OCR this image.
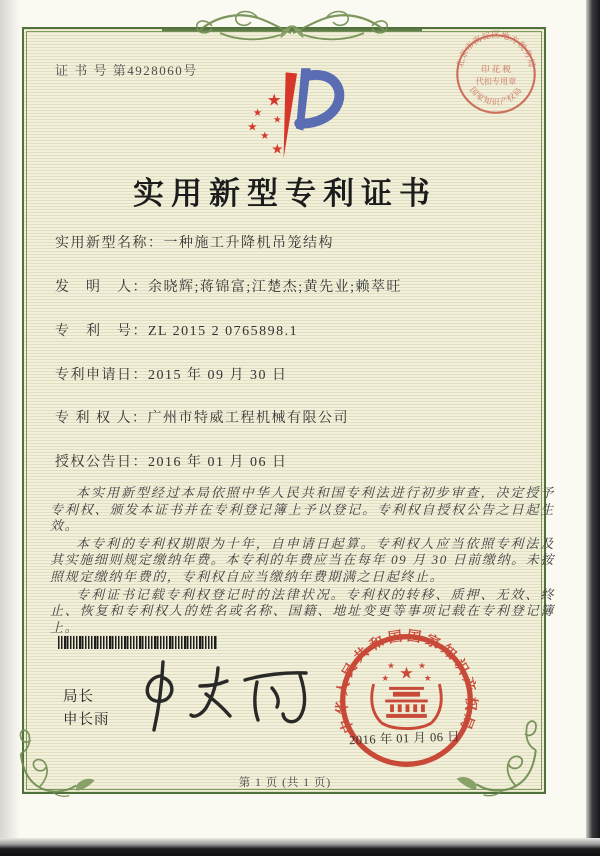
证 书 号 第4928060号
★
★
★
★
★
★
北京市海淀区地方税务局
国家知识产权局
印 花 税
代扣专用章
实用新型专利证书
实用新型名称：一种施工升降机吊笼结构
发　明　人：余晓辉;蒋锦富;江楚杰;黄先业;赖萃旺
专　利　号：ZL 2015 2 0765898.1
专利申请日：2015 年 09 月 30 日
专 利 权 人：广州市特威工程机械有限公司
授权公告日：2016 年 01 月 06 日

本实用新型经过本局依照中华人民共和国专利法进行初步审查，决定授予专利权、颁发本证书并在专利登记簿上予以登记。专利权自授权公告之日起生效。

本专利的专利权期限为十年，自申请日起算。专利权人应当依照专利法及其实施细则规定缴纳年费。本专利的年费应当在每年 09 月 30 日前缴纳。未按照规定缴纳年费的，专利权自应当缴纳年费期满之日起终止。

专利证书记载专利权登记时的法律状况。专利权的转移、质押、无效、终止、恢复和专利权人的姓名或名称、国籍、地址变更等事项记载在专利登记簿上。

局长
申长雨	中华人民共和国国家知识产权局
★
★	★
★	★
2016 年 01 月 06 日
第 1 页 (共 1 页)
